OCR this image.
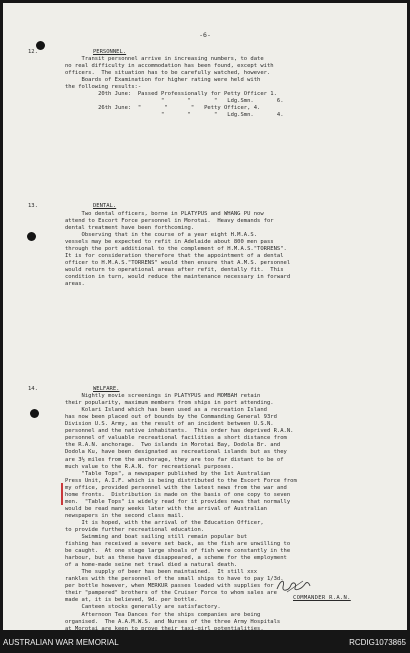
-6-
12.	PERSONNEL.
Transit personnel arrive in increasing numbers, to date
no real difficulty in accommodation has been found, except with
officers.  The situation has to be carefully watched, however.
Boards of Examination for higher rating were held with
the following results:-
20th June:  Passed Professionally for Petty Officer 1.
"       "       "   Ldg.Smn.       6.
26th June:  "       "       "   Petty Officer, 4.
"       "       "   Ldg.Smn.       4.
13.	DENTAL.
Two dental officers, borne in PLATYPUS and WHANG PU now
attend to Escort Force personnel in Morotai.  Heavy demands for
dental treatment have been forthcoming.
Observing that in the course of a year eight H.M.A.S.
vessels may be expected to refit in Adelaide about 800 men pass
through the port additional to the complement of H.M.A.S."TORRENS".
It is for consideration therefore that the appointment of a dental
officer to H.M.A.S."TORRENS" would then ensure that A.M.S. personnel
would return to operational areas after refit, dentally fit.  This
condition in turn, would reduce the maintenance necessary in forward
areas.
14.	WELFARE.
Nightly movie screenings in PLATYPUS and MOMBAH retain
their popularity, maximum members from ships in port attending.
Kolari Island which has been used as a recreation Island
has now been placed out of bounds by the Commanding General 93rd
Division U.S. Army, as the result of an incident between U.S.N.
personnel and the native inhabitants.  This order has deprived R.A.N.
personnel of valuable recreational facilities a short distance from
the R.A.N. anchorage.  Two islands in Morotai Bay, Dodola Br. and
Dodola Ku, have been designated as recreational islands but as they
are 3½ miles from the anchorage, they are too far distant to be of
much value to the R.A.N. for recreational purposes.
"Table Tops", a newspaper published by the 1st Australian
Press Unit, A.I.F. which is being distributed to the Escort Force from
my office, provided personnel with the latest news from the war and
home fronts.  Distribution is made on the basis of one copy to seven
men.  "Table Tops" is widely read for it provides news that normally
would be read many weeks later with the arrival of Australian
newspapers in the second class mail.
It is hoped, with the arrival of the Education Officer,
to provide further recreational education.
Swimming and boat sailing still remain popular but
fishing has received a severe set back, as the fish are unwilling to
be caught.  At one stage large shoals of fish were constantly in the
harbour, but as these have disappeared, a scheme for the employment
of a home-made seine net trawl died a natural death.
The supply of beer has been maintained.  It still xxx
rankles with the personnel of the small ships to have to pay 1/3d.
per bottle however, when MERKUR passes loaded with supplies for
their "pampered" brothers of the Cruiser Force to whom sales are
made at, it is believed, 9d. per bottle.
Canteen stocks generally are satisfactory.
Afternoon Tea Dances for the ships companies are being
organised.  The A.A.M.W.S. and Nurses of the three Army Hospitals
at Morotai are keen to prove their taxi-girl potentialities.
COMMANDER R.A.N.
AUSTRALIAN WAR MEMORIAL	RCDIG1073865
